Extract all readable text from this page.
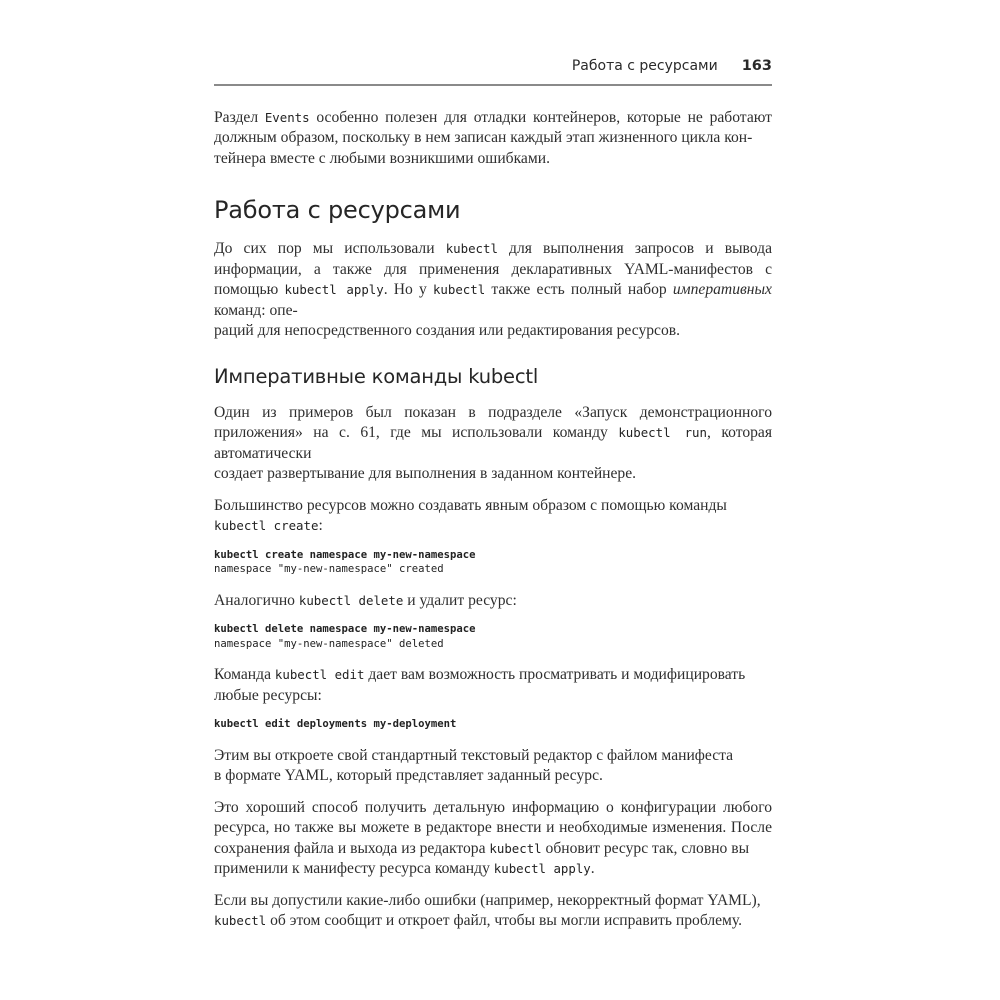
Работа с ресурсами 163

Раздел Events особенно полезен для отладки контейнеров, которые не работают должным образом, поскольку в нем записан каждый этап жизненного цикла кон-
тейнера вместе с любыми возникшими ошибками.

Работа с ресурсами

До сих пор мы использовали kubectl для выполнения запросов и вывода информации, а также для применения декларативных YAML-манифестов с помощью kubectl apply. Но у kubectl также есть полный набор императивных команд: опе-
раций для непосредственного создания или редактирования ресурсов.

Императивные команды kubectl

Один из примеров был показан в подразделе «Запуск демонстрационного приложения» на с. 61, где мы использовали команду kubectl run, которая автоматически
создает развертывание для выполнения в заданном контейнере.

Большинство ресурсов можно создавать явным образом с помощью команды
kubectl create:

kubectl create namespace my-new-namespace
namespace "my-new-namespace" created

Аналогично kubectl delete и удалит ресурс:

kubectl delete namespace my-new-namespace
namespace "my-new-namespace" deleted

Команда kubectl edit дает вам возможность просматривать и модифицировать
любые ресурсы:

kubectl edit deployments my-deployment

Этим вы откроете свой стандартный текстовый редактор с файлом манифеста
в формате YAML, который представляет заданный ресурс.

Это хороший способ получить детальную информацию о конфигурации любого ресурса, но также вы можете в редакторе внести и необходимые изменения. После сохранения файла и выхода из редактора kubectl обновит ресурс так, словно вы
применили к манифесту ресурса команду kubectl apply.

Если вы допустили какие-либо ошибки (например, некорректный формат YAML),
kubectl об этом сообщит и откроет файл, чтобы вы могли исправить проблему.
